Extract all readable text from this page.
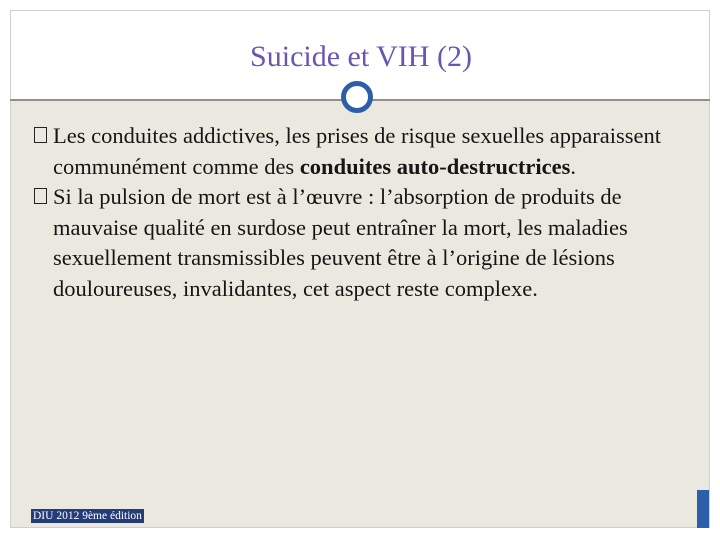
Suicide et VIH (2)

Les conduites addictives, les prises de risque sexuelles apparaissent communément comme des conduites auto-destructrices.

Si la pulsion de mort est à l’œuvre : l’absorption de produits de mauvaise qualité en surdose peut entraîner la mort, les maladies sexuellement transmissibles peuvent être à l’origine de lésions douloureuses, invalidantes, cet aspect reste complexe.

DIU 2012 9ème édition
